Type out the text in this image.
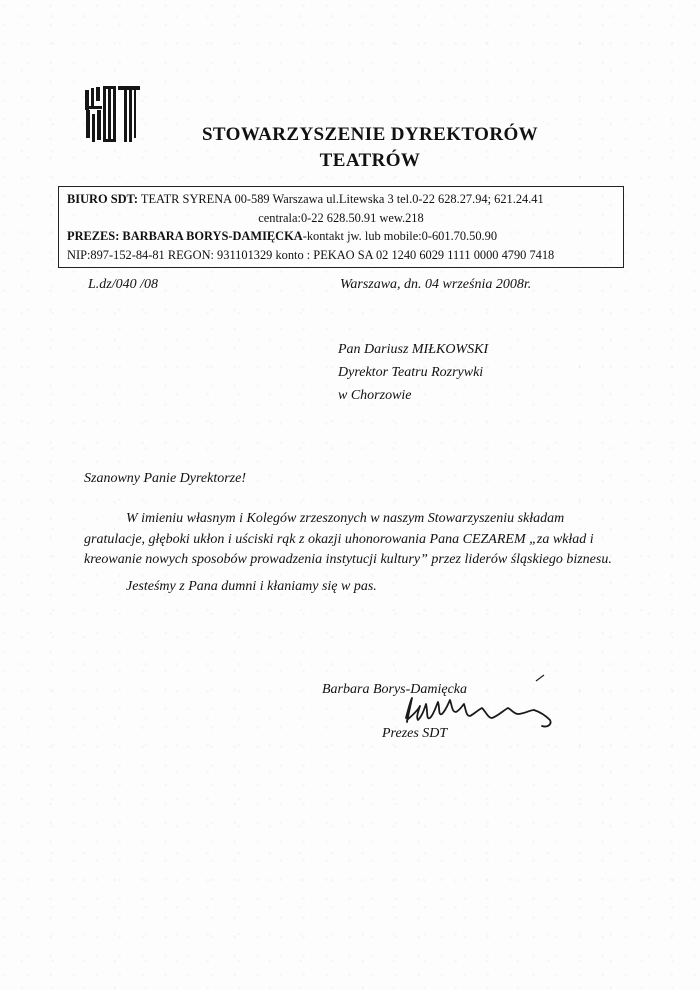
STOWARZYSZENIE DYREKTORÓW
TEATRÓW
BIURO SDT: TEATR SYRENA 00-589 Warszawa ul.Litewska 3 tel.0-22 628.27.94; 621.24.41
centrala:0-22 628.50.91 wew.218
PREZES: BARBARA BORYS-DAMIĘCKA-kontakt jw. lub mobile:0-601.70.50.90
NIP:897-152-84-81 REGON: 931101329 konto : PEKAO SA 02 1240 6029 1111 0000 4790 7418
L.dz/040 /08	Warszawa, dn. 04 września 2008r.
Pan Dariusz MIŁKOWSKI
Dyrektor Teatru Rozrywki
w Chorzowie
Szanowny Panie Dyrektorze!

W imieniu własnym i Kolegów zrzeszonych w naszym Stowarzyszeniu składam gratulacje, głęboki ukłon i uściski rąk z okazji uhonorowania Pana CEZAREM „za wkład i kreowanie nowych sposobów prowadzenia instytucji kultury” przez liderów śląskiego biznesu.

Jesteśmy z Pana dumni i kłaniamy się w pas.

Barbara Borys-Damięcka
Prezes SDT
